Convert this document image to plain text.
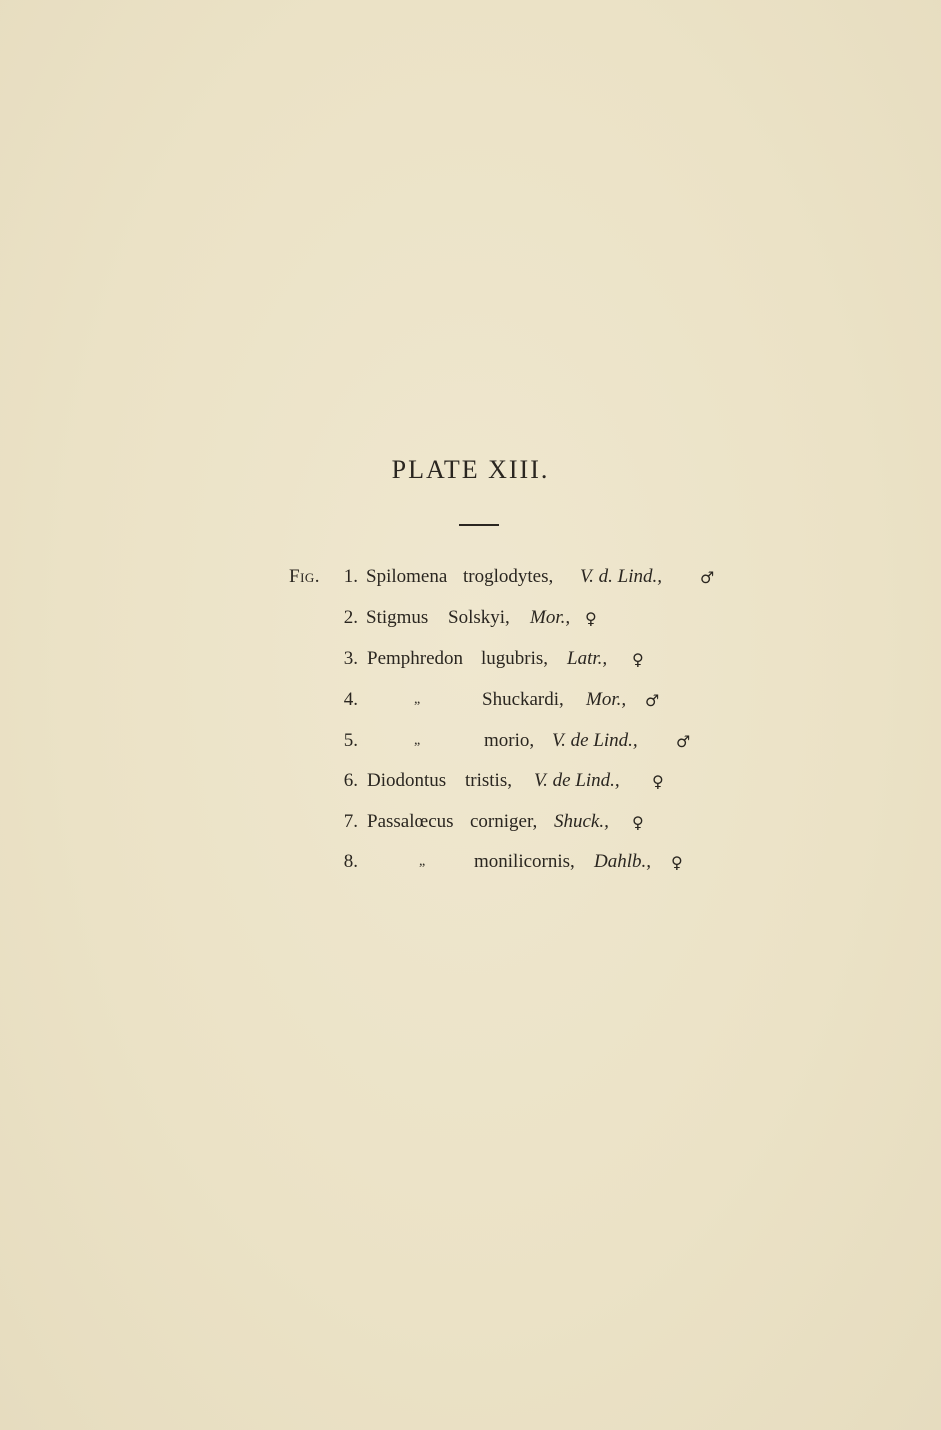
PLATE XIII.
Fig.	1. Spilomena troglodytes, V. d. Lind., ♂
2. Stigmus Solskyi, Mor., ♀
3. Pemphredon lugubris, Latr., ♀
4.	„	Shuckardi, Mor., ♂
5.	„	morio, V. de Lind., ♂
6. Diodontus tristis, V. de Lind., ♀
7. Passalœcus corniger, Shuck., ♀
8.	„	monilicornis, Dahlb., ♀
